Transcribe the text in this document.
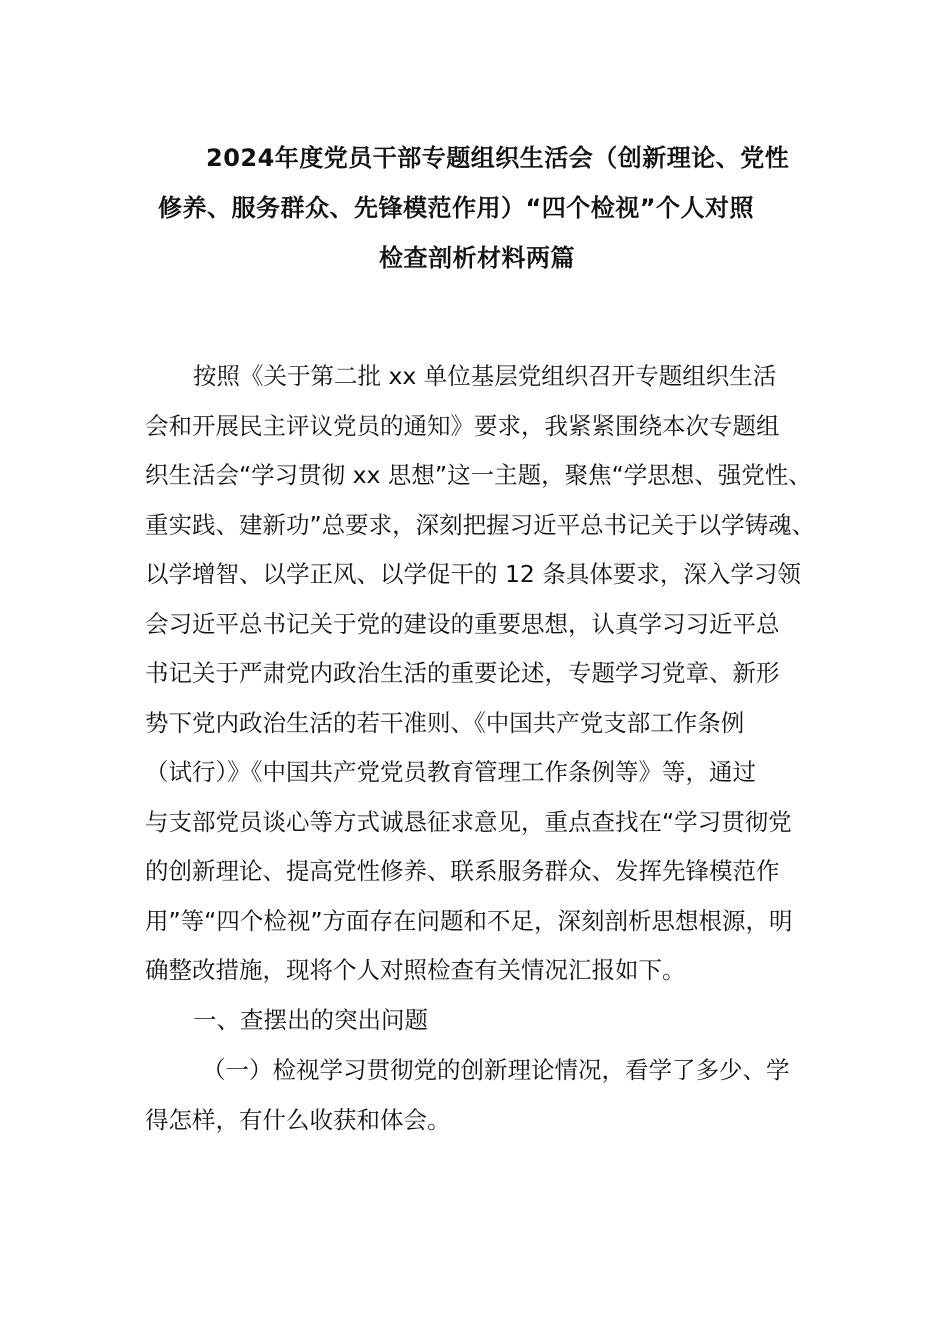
2024年度党员干部专题组织生活会（创新理论、党性
修养、服务群众、先锋模范作用）“四个检视”个人对照
检查剖析材料两篇
按照《关于第二批 xx 单位基层党组织召开专题组织生活
会和开展民主评议党员的通知》要求，我紧紧围绕本次专题组
织生活会“学习贯彻 xx 思想”这一主题，聚焦“学思想、强党性、
重实践、建新功”总要求，深刻把握习近平总书记关于以学铸魂、
以学增智、以学正风、以学促干的 12 条具体要求，深入学习领
会习近平总书记关于党的建设的重要思想，认真学习习近平总
书记关于严肃党内政治生活的重要论述，专题学习党章、新形
势下党内政治生活的若干准则、《中国共产党支部工作条例
（试行）》《中国共产党党员教育管理工作条例等》等，通过
与支部党员谈心等方式诚恳征求意见，重点查找在“学习贯彻党
的创新理论、提高党性修养、联系服务群众、发挥先锋模范作
用”等“四个检视”方面存在问题和不足，深刻剖析思想根源，明
确整改措施，现将个人对照检查有关情况汇报如下。
一、查摆出的突出问题
（一）检视学习贯彻党的创新理论情况，看学了多少、学
得怎样，有什么收获和体会。
